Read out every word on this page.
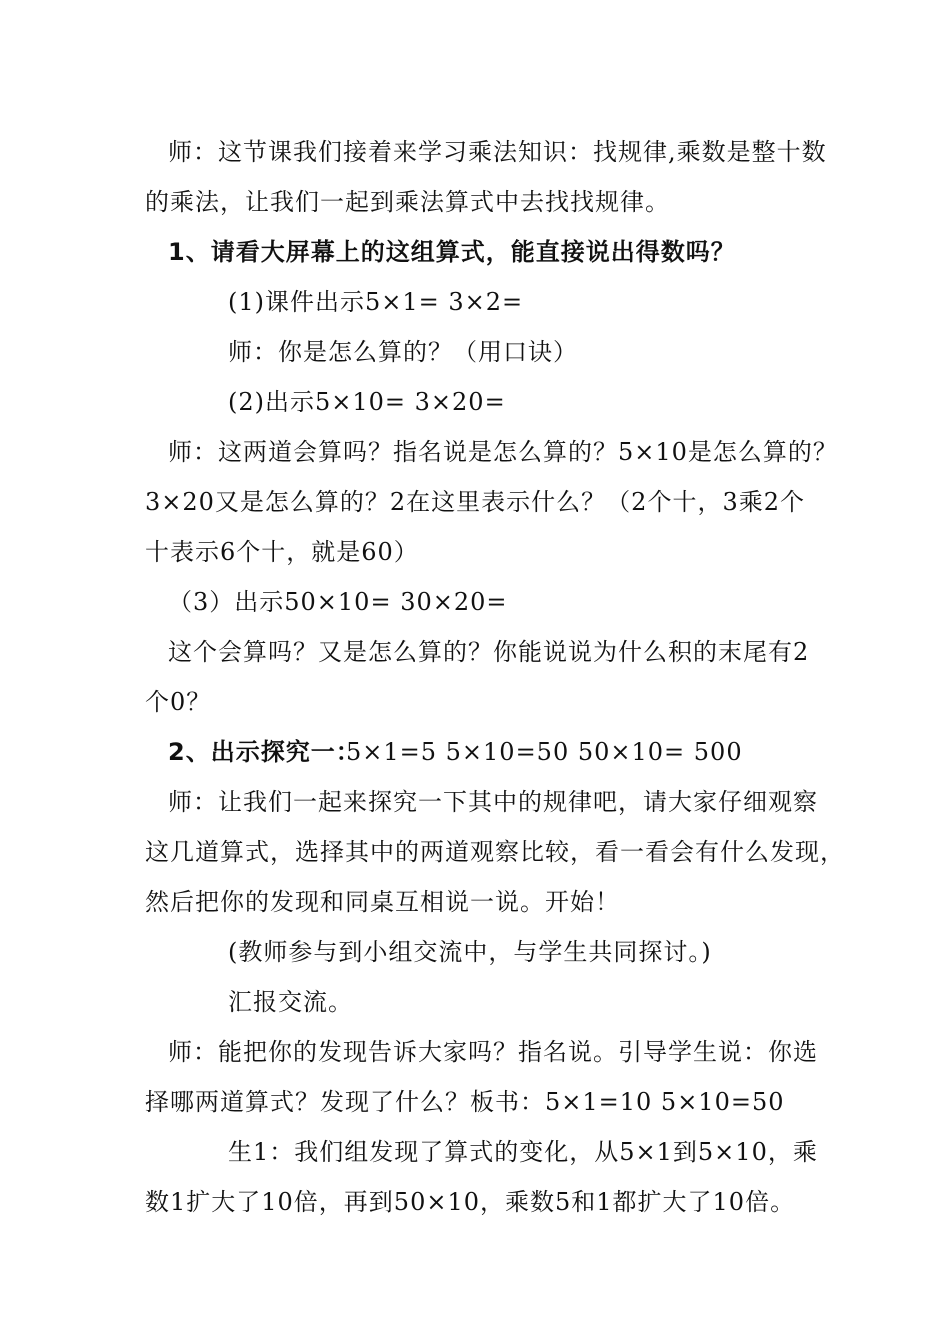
师：这节课我们接着来学习乘法知识：找规律,乘数是整十数
的乘法，让我们一起到乘法算式中去找找规律。
1、请看大屏幕上的这组算式，能直接说出得数吗？
(1)课件出示5×1= 3×2=
师：你是怎么算的？（用口诀）
(2)出示5×10= 3×20=
师：这两道会算吗？指名说是怎么算的？5×10是怎么算的？
3×20又是怎么算的？2在这里表示什么？（2个十，3乘2个
十表示6个十，就是60）
（3）出示50×10= 30×20=
这个会算吗？又是怎么算的？你能说说为什么积的末尾有2
个0？
2、出示探究一：
5×1=5 5×10=50 50×10= 500
师：让我们一起来探究一下其中的规律吧，请大家仔细观察
这几道算式，选择其中的两道观察比较，看一看会有什么发现，
然后把你的发现和同桌互相说一说。开始！
(教师参与到小组交流中，与学生共同探讨。)
汇报交流。
师：能把你的发现告诉大家吗？指名说。引导学生说：你选
择哪两道算式？发现了什么？板书：5×1=10 5×10=50
生1：我们组发现了算式的变化，从5×1到5×10，乘
数1扩大了10倍，再到50×10，乘数5和1都扩大了10倍。
